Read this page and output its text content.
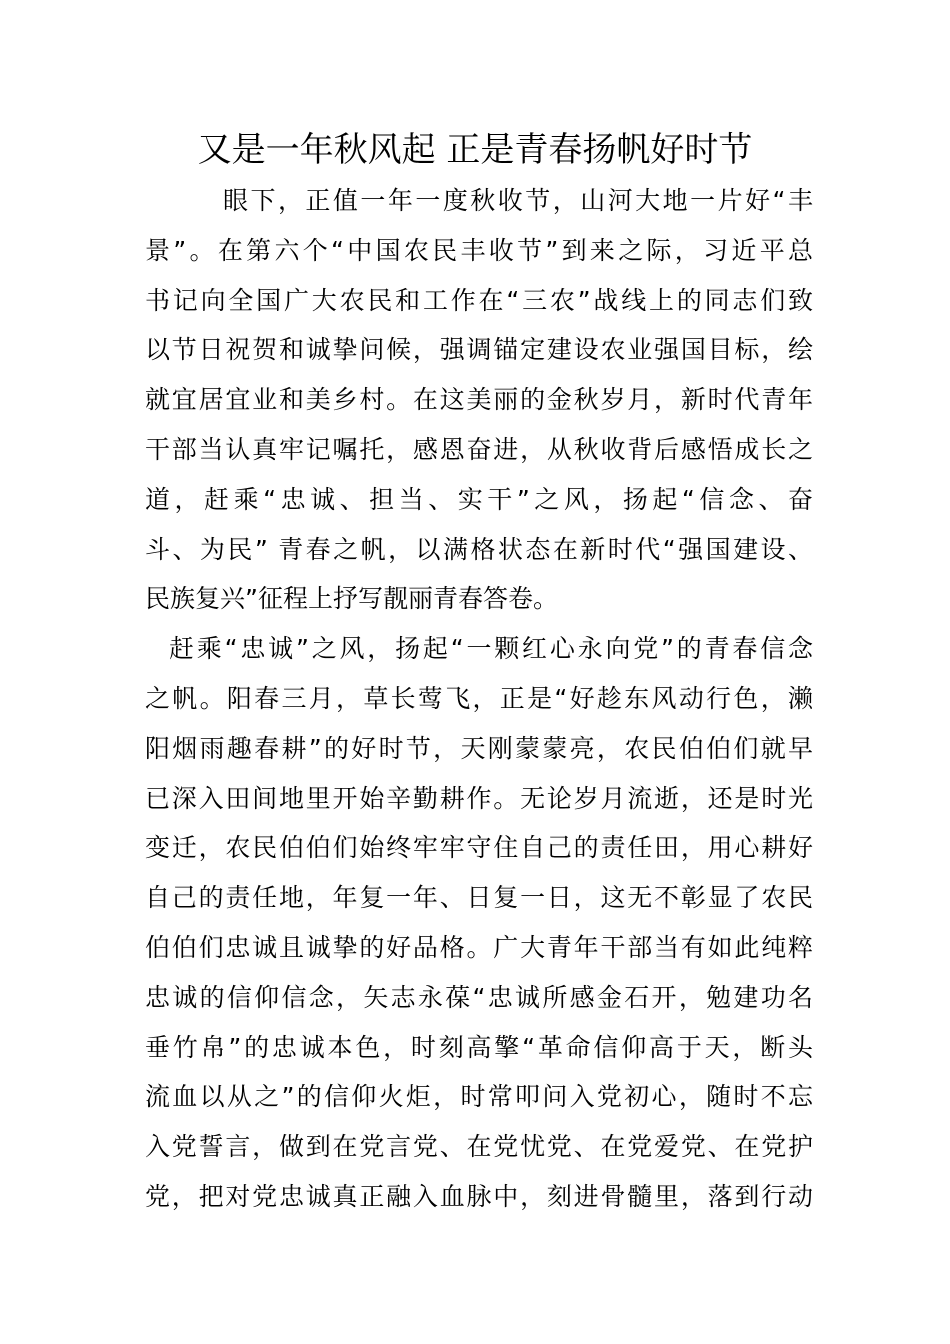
又是一年秋风起 正是青春扬帆好时节
眼下，正值一年一度秋收节，山河大地一片好“丰
景”。在第六个“中国农民丰收节”到来之际，习近平总
书记向全国广大农民和工作在“三农”战线上的同志们致
以节日祝贺和诚挚问候，强调锚定建设农业强国目标，绘
就宜居宜业和美乡村。在这美丽的金秋岁月，新时代青年
干部当认真牢记嘱托，感恩奋进，从秋收背后感悟成长之
道，赶乘“忠诚、担当、实干”之风，扬起“信念、奋
斗、为民” 青春之帆，以满格状态在新时代“强国建设、
民族复兴”征程上抒写靓丽青春答卷。
赶乘“忠诚”之风，扬起“一颗红心永向党”的青春信念
之帆。阳春三月，草长莺飞，正是“好趁东风动行色，濑
阳烟雨趣春耕”的好时节，天刚蒙蒙亮，农民伯伯们就早
已深入田间地里开始辛勤耕作。无论岁月流逝，还是时光
变迁，农民伯伯们始终牢牢守住自己的责任田，用心耕好
自己的责任地，年复一年、日复一日，这无不彰显了农民
伯伯们忠诚且诚挚的好品格。广大青年干部当有如此纯粹
忠诚的信仰信念，矢志永葆“忠诚所感金石开，勉建功名
垂竹帛”的忠诚本色，时刻高擎“革命信仰高于天，断头
流血以从之”的信仰火炬，时常叩问入党初心，随时不忘
入党誓言，做到在党言党、在党忧党、在党爱党、在党护
党，把对党忠诚真正融入血脉中，刻进骨髓里，落到行动
